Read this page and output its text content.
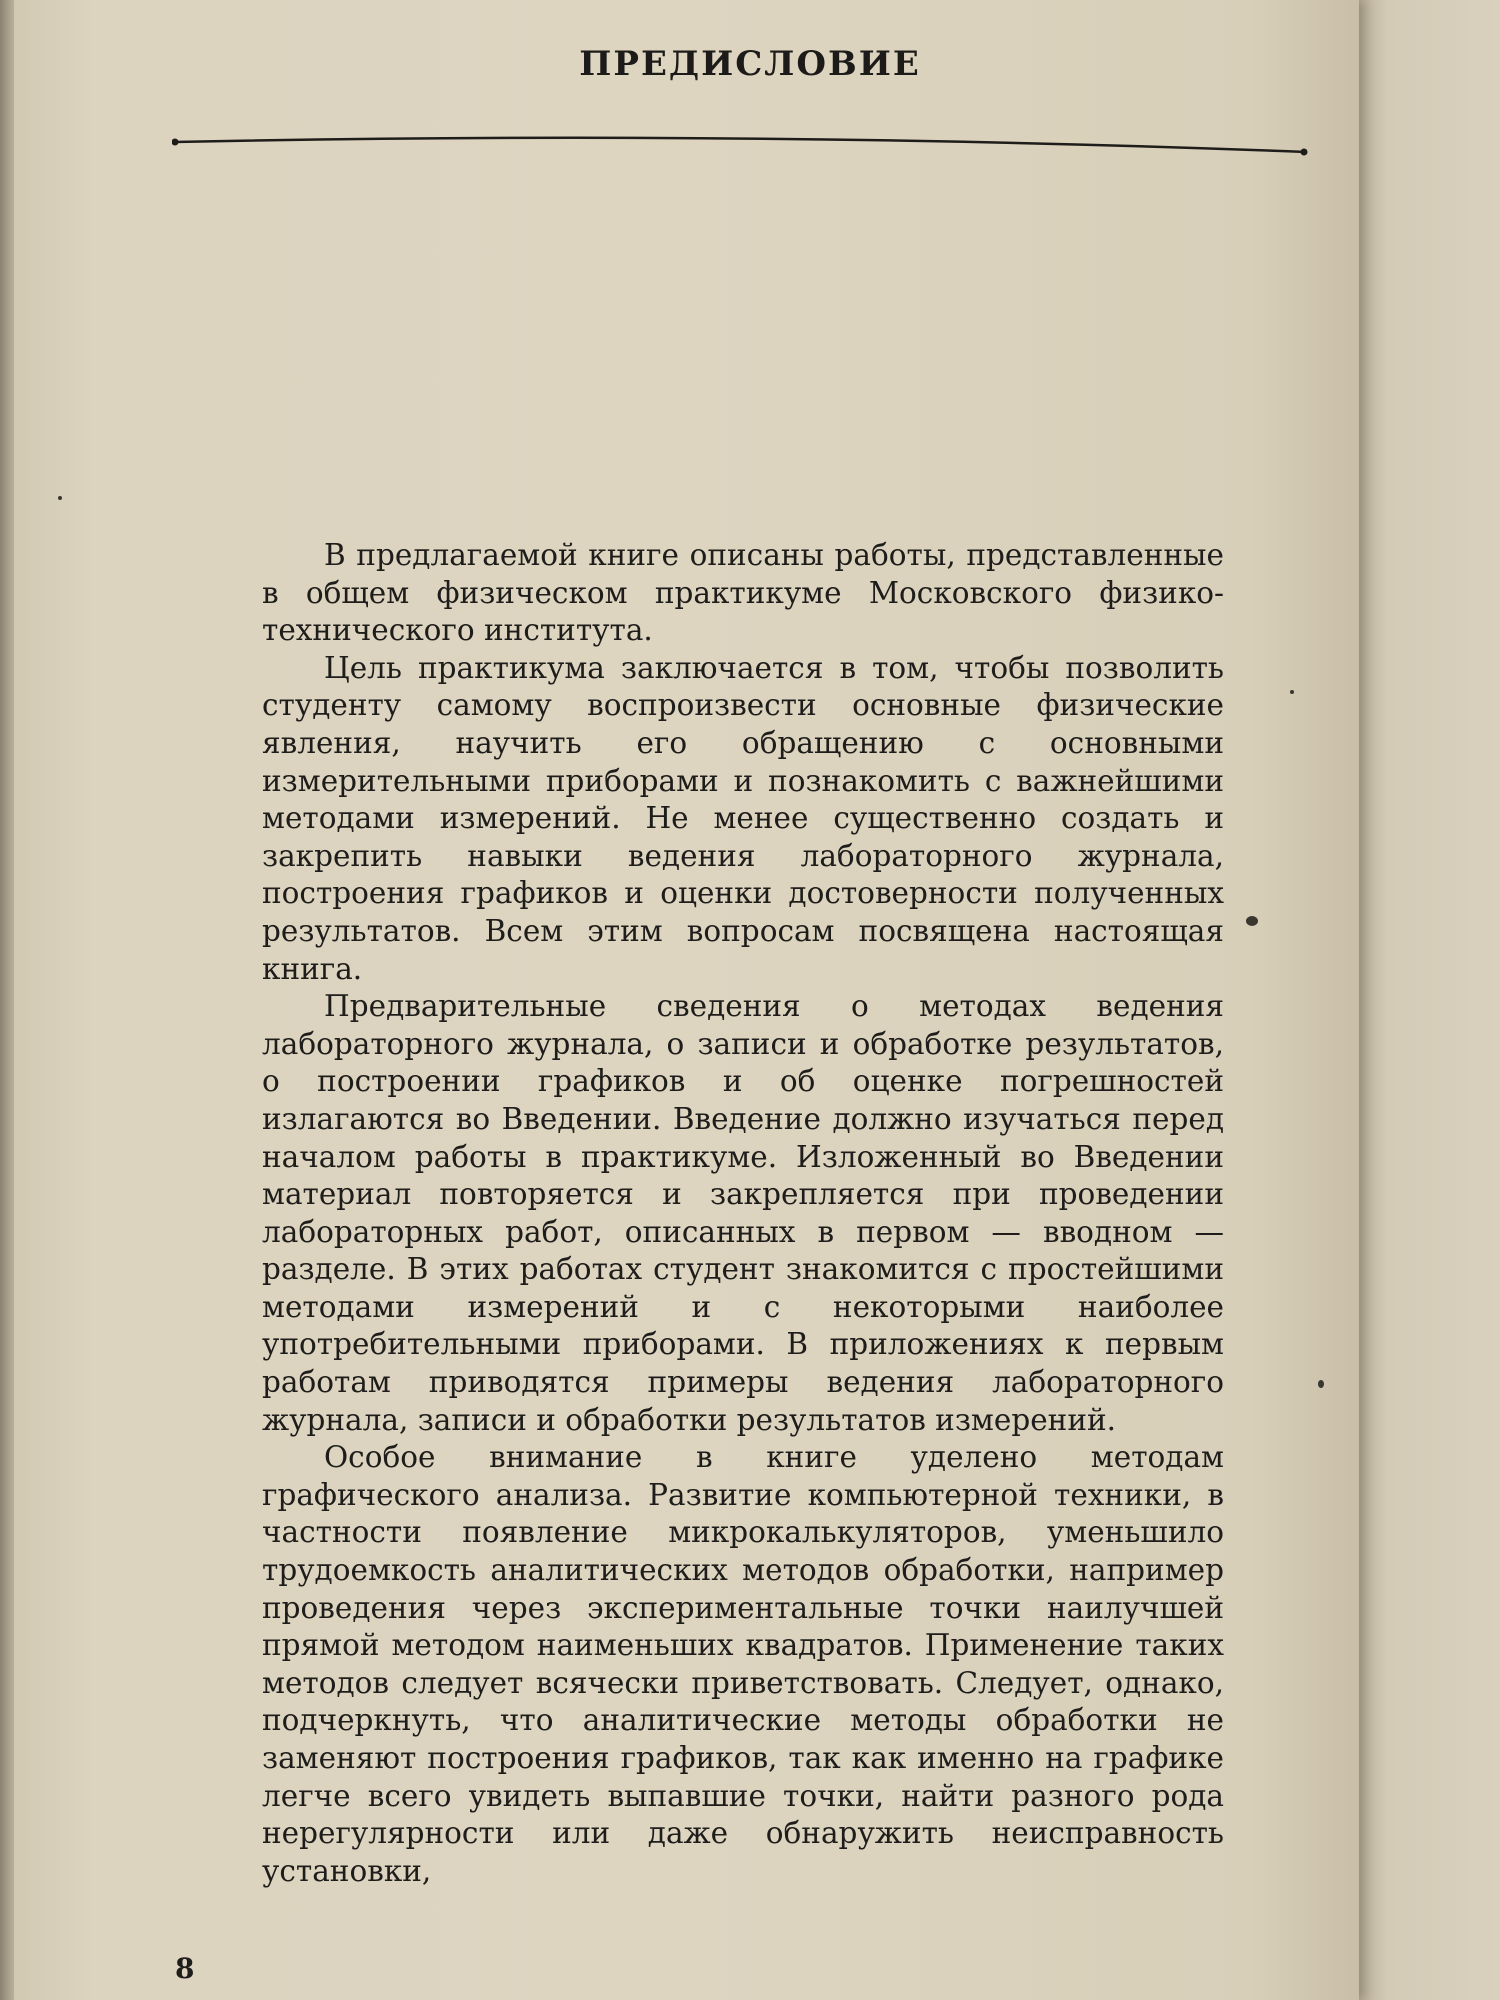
ПРЕДИСЛОВИЕ

В предлагаемой книге описаны работы, представленные в общем физическом практикуме Московского физико-технического института.

Цель практикума заключается в том, чтобы позволить студенту самому воспроизвести основные физические явления, научить его обращению с основными измерительными приборами и познакомить с важнейшими методами измерений. Не менее существенно создать и закрепить навыки ведения лабораторного журнала, построения графиков и оценки достоверности полученных результатов. Всем этим вопросам посвящена настоящая книга.

Предварительные сведения о методах ведения лабораторного журнала, о записи и обработке результатов, о построении графиков и об оценке погрешностей излагаются во Введении. Введение должно изучаться перед началом работы в практикуме. Изложенный во Введении материал повторяется и закрепляется при проведении лабораторных работ, описанных в первом — вводном — разделе. В этих работах студент знакомится с простейшими методами измерений и с некоторыми наиболее употребительными приборами. В приложениях к первым работам приводятся примеры ведения лабораторного журнала, записи и обработки результатов измерений.

Особое внимание в книге уделено методам графического анализа. Развитие компьютерной техники, в частности появление микрокалькуляторов, уменьшило трудоемкость аналитических методов обработки, например проведения через экспериментальные точки наилучшей прямой методом наименьших квадратов. Применение таких методов следует всячески приветствовать. Следует, однако, подчеркнуть, что аналитические методы обработки не заменяют построения графиков, так как именно на графике легче всего увидеть выпавшие точки, найти разного рода нерегулярности или даже обнаружить неисправность установки,

8
